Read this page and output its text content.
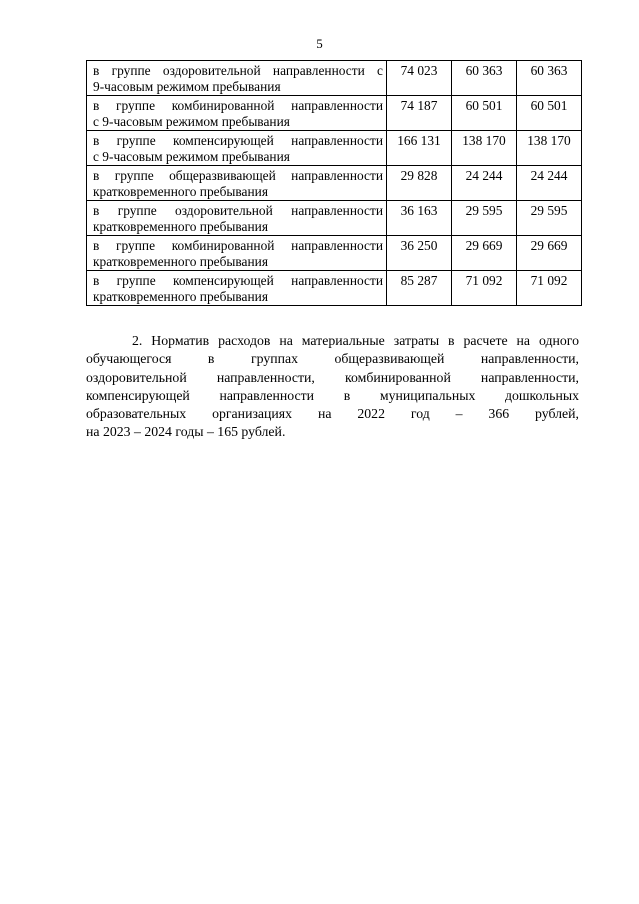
5
в группе оздоровительной направленности с
9-часовым режимом пребывания	74 023	60 363	60 363

в группе комбинированной направленности
с 9-часовым режимом пребывания	74 187	60 501	60 501

в группе компенсирующей направленности
с 9-часовым режимом пребывания	166 131	138 170	138 170

в группе общеразвивающей направленности
кратковременного пребывания	29 828	24 244	24 244

в группе оздоровительной направленности
кратковременного пребывания	36 163	29 595	29 595

в группе комбинированной направленности
кратковременного пребывания	36 250	29 669	29 669

в группе компенсирующей направленности
кратковременного пребывания	85 287	71 092	71 092
2. Норматив расходов на материальные затраты в расчете на одного
обучающегося в группах общеразвивающей направленности,
оздоровительной направленности, комбинированной направленности,
компенсирующей направленности в муниципальных дошкольных
образовательных организациях на 2022 год – 366 рублей,
на 2023 – 2024 годы – 165 рублей.
